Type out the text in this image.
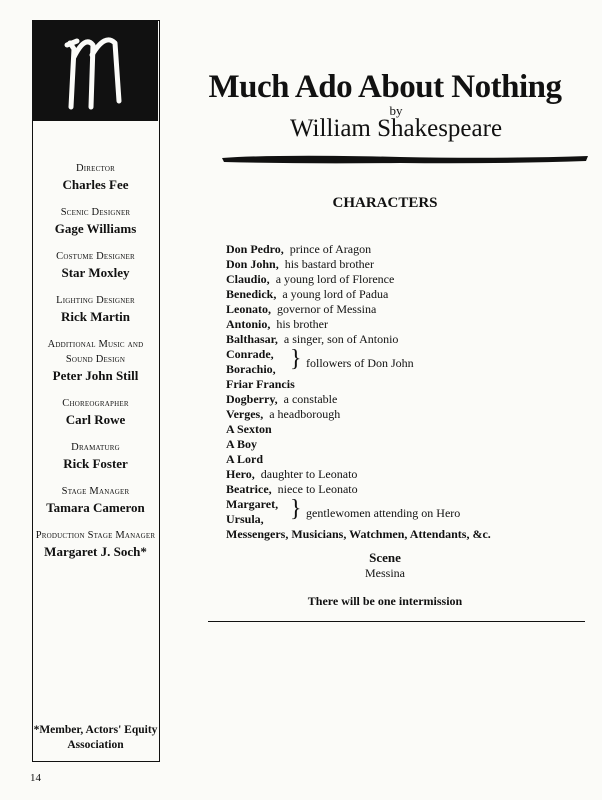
Director
Charles Fee
Scenic Designer
Gage Williams
Costume Designer
Star Moxley
Lighting Designer
Rick Martin
Additional Music and Sound Design
Peter John Still
Choreographer
Carl Rowe
Dramaturg
Rick Foster
Stage Manager
Tamara Cameron
Production Stage Manager
Margaret J. Soch*
*Member, Actors' Equity Association
Much Ado About Nothing
by
William Shakespeare
CHARACTERS
Don Pedro, prince of Aragon
Don John, his bastard brother
Claudio, a young lord of Florence
Benedick, a young lord of Padua
Leonato, governor of Messina
Antonio, his brother
Balthasar, a singer, son of Antonio
Conrade,
Borachio, } followers of Don John
Friar Francis
Dogberry, a constable
Verges, a headborough
A Sexton
A Boy
A Lord
Hero, daughter to Leonato
Beatrice, niece to Leonato
Margaret,
Ursula,	} gentlewomen attending on Hero
Messengers, Musicians, Watchmen, Attendants, &c.
Scene
Messina
There will be one intermission
14
